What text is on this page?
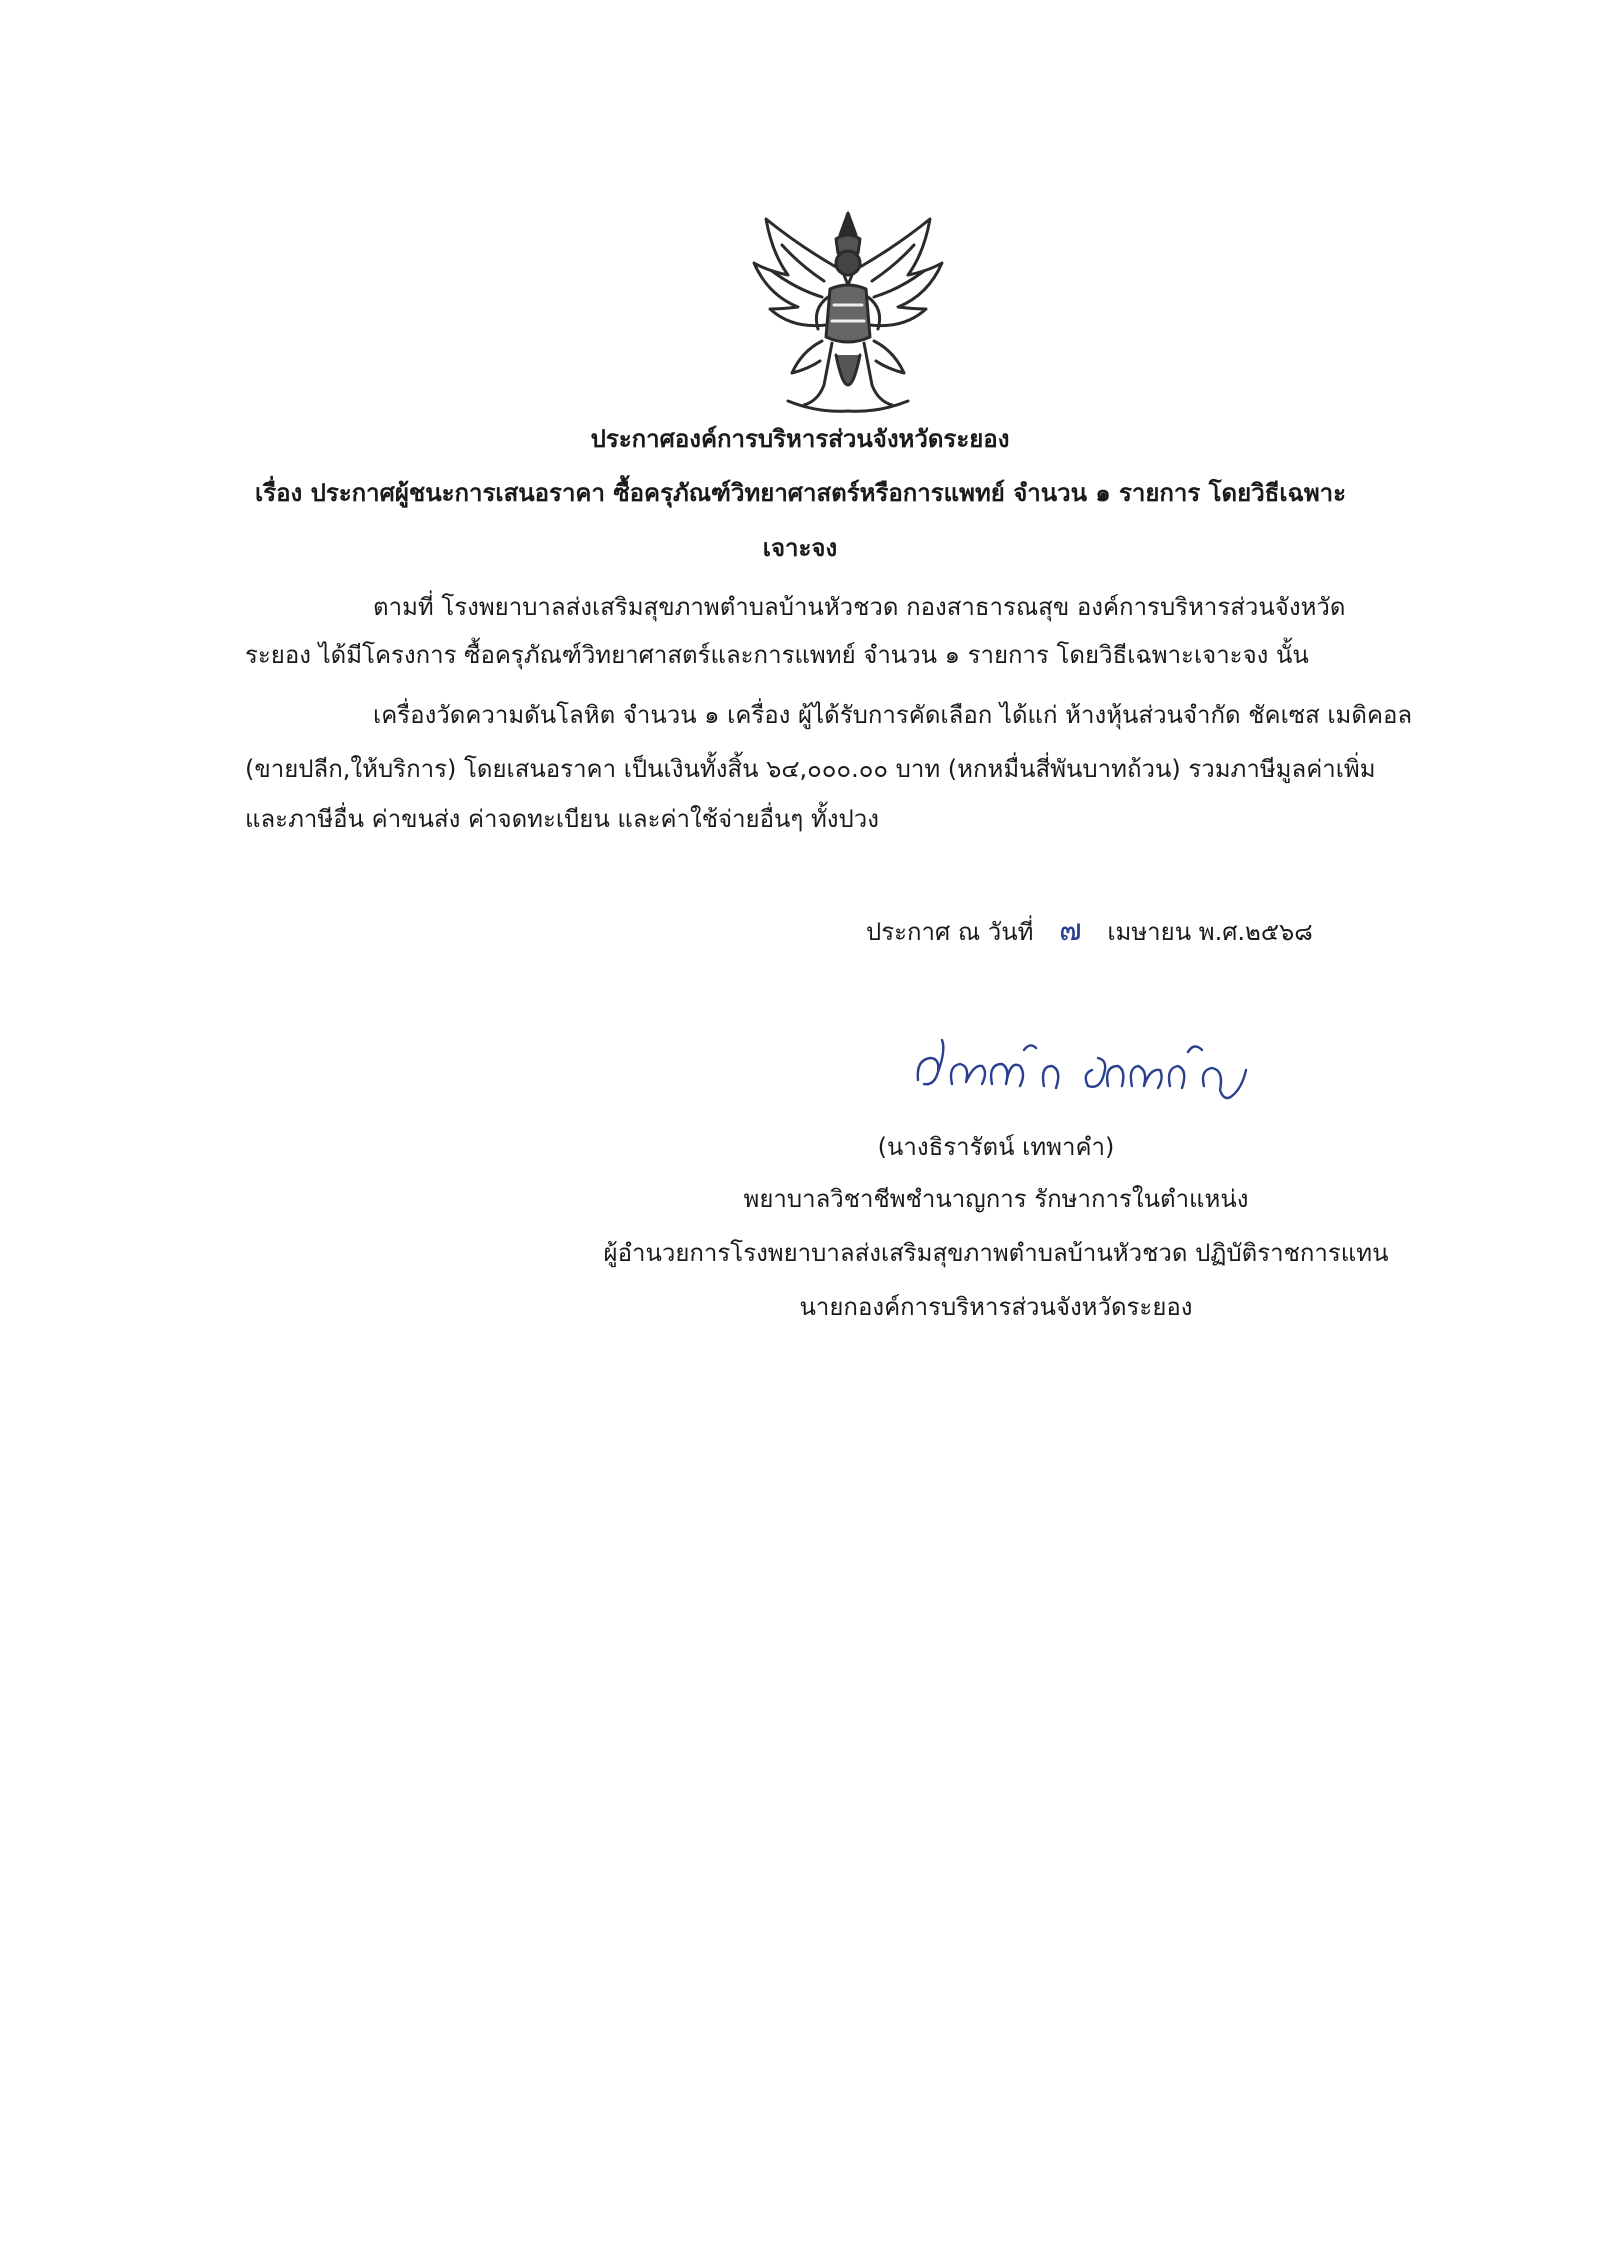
ประกาศองค์การบริหารส่วนจังหวัดระยอง
เรื่อง ประกาศผู้ชนะการเสนอราคา ซื้อครุภัณฑ์วิทยาศาสตร์หรือการแพทย์ จำนวน ๑ รายการ โดยวิธีเฉพาะ
เจาะจง
ตามที่ โรงพยาบาลส่งเสริมสุขภาพตำบลบ้านหัวชวด กองสาธารณสุข องค์การบริหารส่วนจังหวัด
ระยอง ได้มีโครงการ ซื้อครุภัณฑ์วิทยาศาสตร์และการแพทย์ จำนวน ๑ รายการ โดยวิธีเฉพาะเจาะจง นั้น
เครื่องวัดความดันโลหิต จำนวน ๑ เครื่อง ผู้ได้รับการคัดเลือก ได้แก่ ห้างหุ้นส่วนจำกัด ชัคเซส เมดิคอล
(ขายปลีก,ให้บริการ) โดยเสนอราคา เป็นเงินทั้งสิ้น ๖๔,๐๐๐.๐๐ บาท (หกหมื่นสี่พันบาทถ้วน) รวมภาษีมูลค่าเพิ่ม
และภาษีอื่น ค่าขนส่ง ค่าจดทะเบียน และค่าใช้จ่ายอื่นๆ ทั้งปวง
ประกาศ ณ วันที่ ๗ เมษายน พ.ศ.๒๕๖๘
(นางธิรารัตน์ เทพาคำ)
พยาบาลวิชาชีพชำนาญการ รักษาการในตำแหน่ง
ผู้อำนวยการโรงพยาบาลส่งเสริมสุขภาพตำบลบ้านหัวชวด ปฏิบัติราชการแทน
นายกองค์การบริหารส่วนจังหวัดระยอง
